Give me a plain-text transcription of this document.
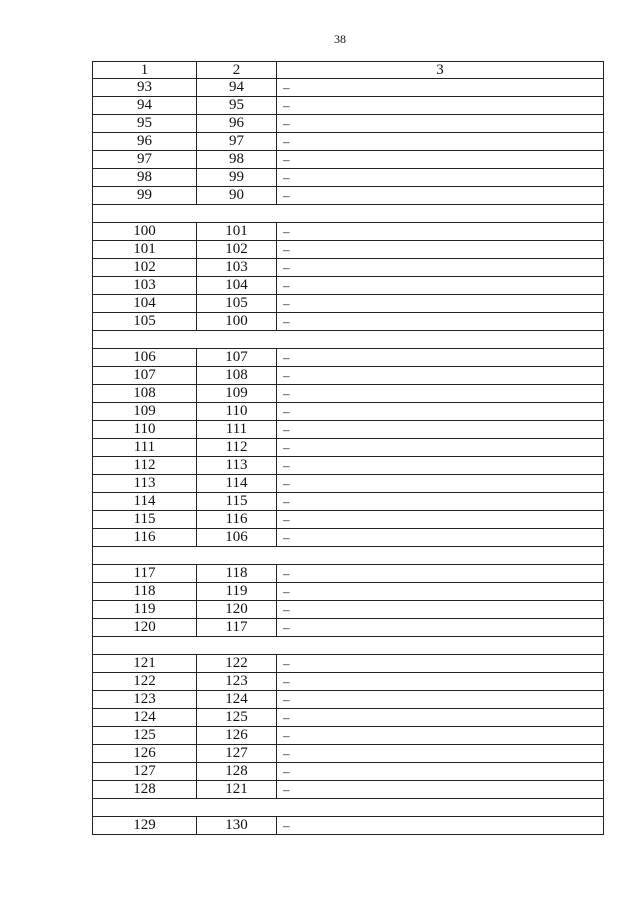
38
1	2	3
93	94	–
94	95	–
95	96	–
96	97	–
97	98	–
98	99	–
99	90	–

100	101	–
101	102	–
102	103	–
103	104	–
104	105	–
105	100	–

106	107	–
107	108	–
108	109	–
109	110	–
110	111	–
111	112	–
112	113	–
113	114	–
114	115	–
115	116	–
116	106	–

117	118	–
118	119	–
119	120	–
120	117	–

121	122	–
122	123	–
123	124	–
124	125	–
125	126	–
126	127	–
127	128	–
128	121	–

129	130	–
